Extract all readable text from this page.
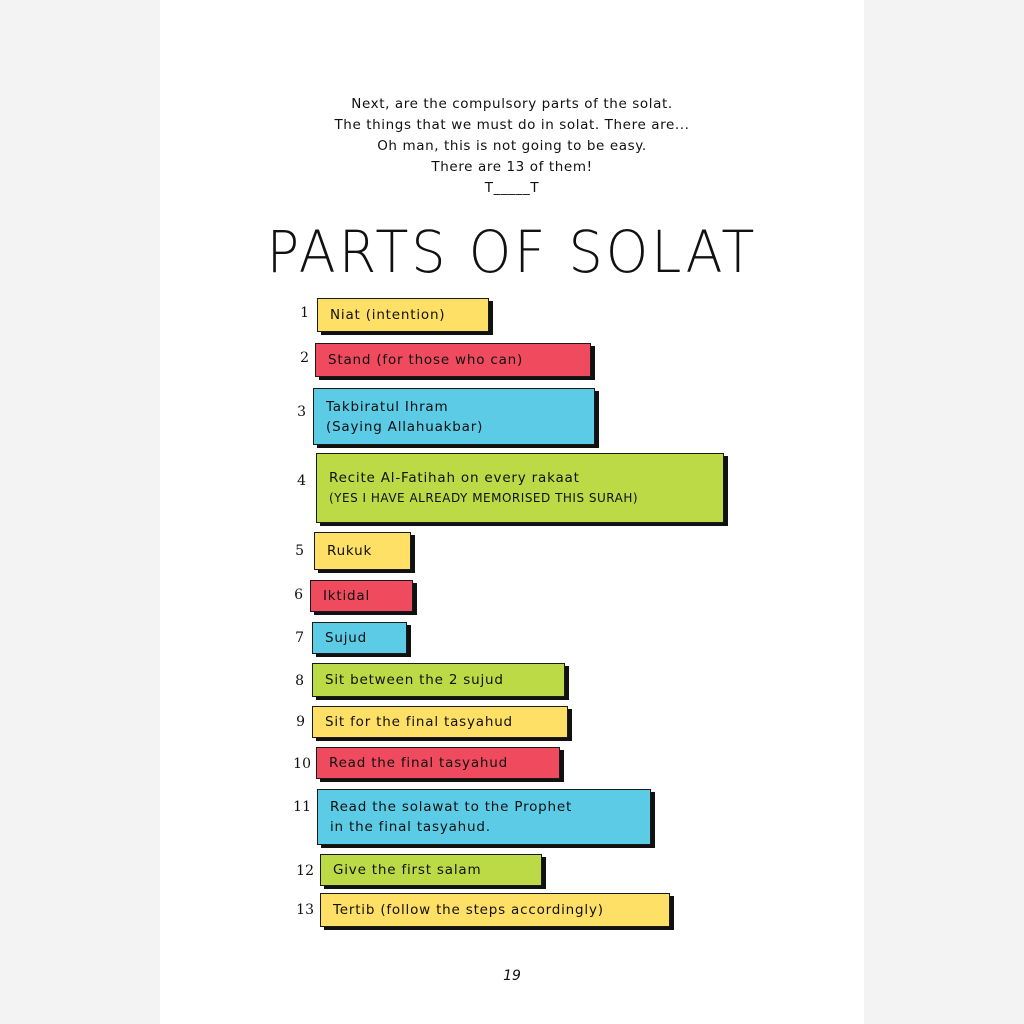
Next, are the compulsory parts of the solat.
The things that we must do in solat. There are...
Oh man, this is not going to be easy.
There are 13 of them!
T_____T
PARTS OF SOLAT
1 Niat (intention)
2 Stand (for those who can)
3 Takbiratul Ihram
(Saying Allahuakbar)
4 Recite Al-Fatihah on every rakaat
(YES I HAVE ALREADY MEMORISED THIS SURAH)
5 Rukuk
6 Iktidal
7 Sujud
8 Sit between the 2 sujud
9 Sit for the final tasyahud
10 Read the final tasyahud
11 Read the solawat to the Prophet
in the final tasyahud.
12 Give the first salam
13 Tertib (follow the steps accordingly)
19
